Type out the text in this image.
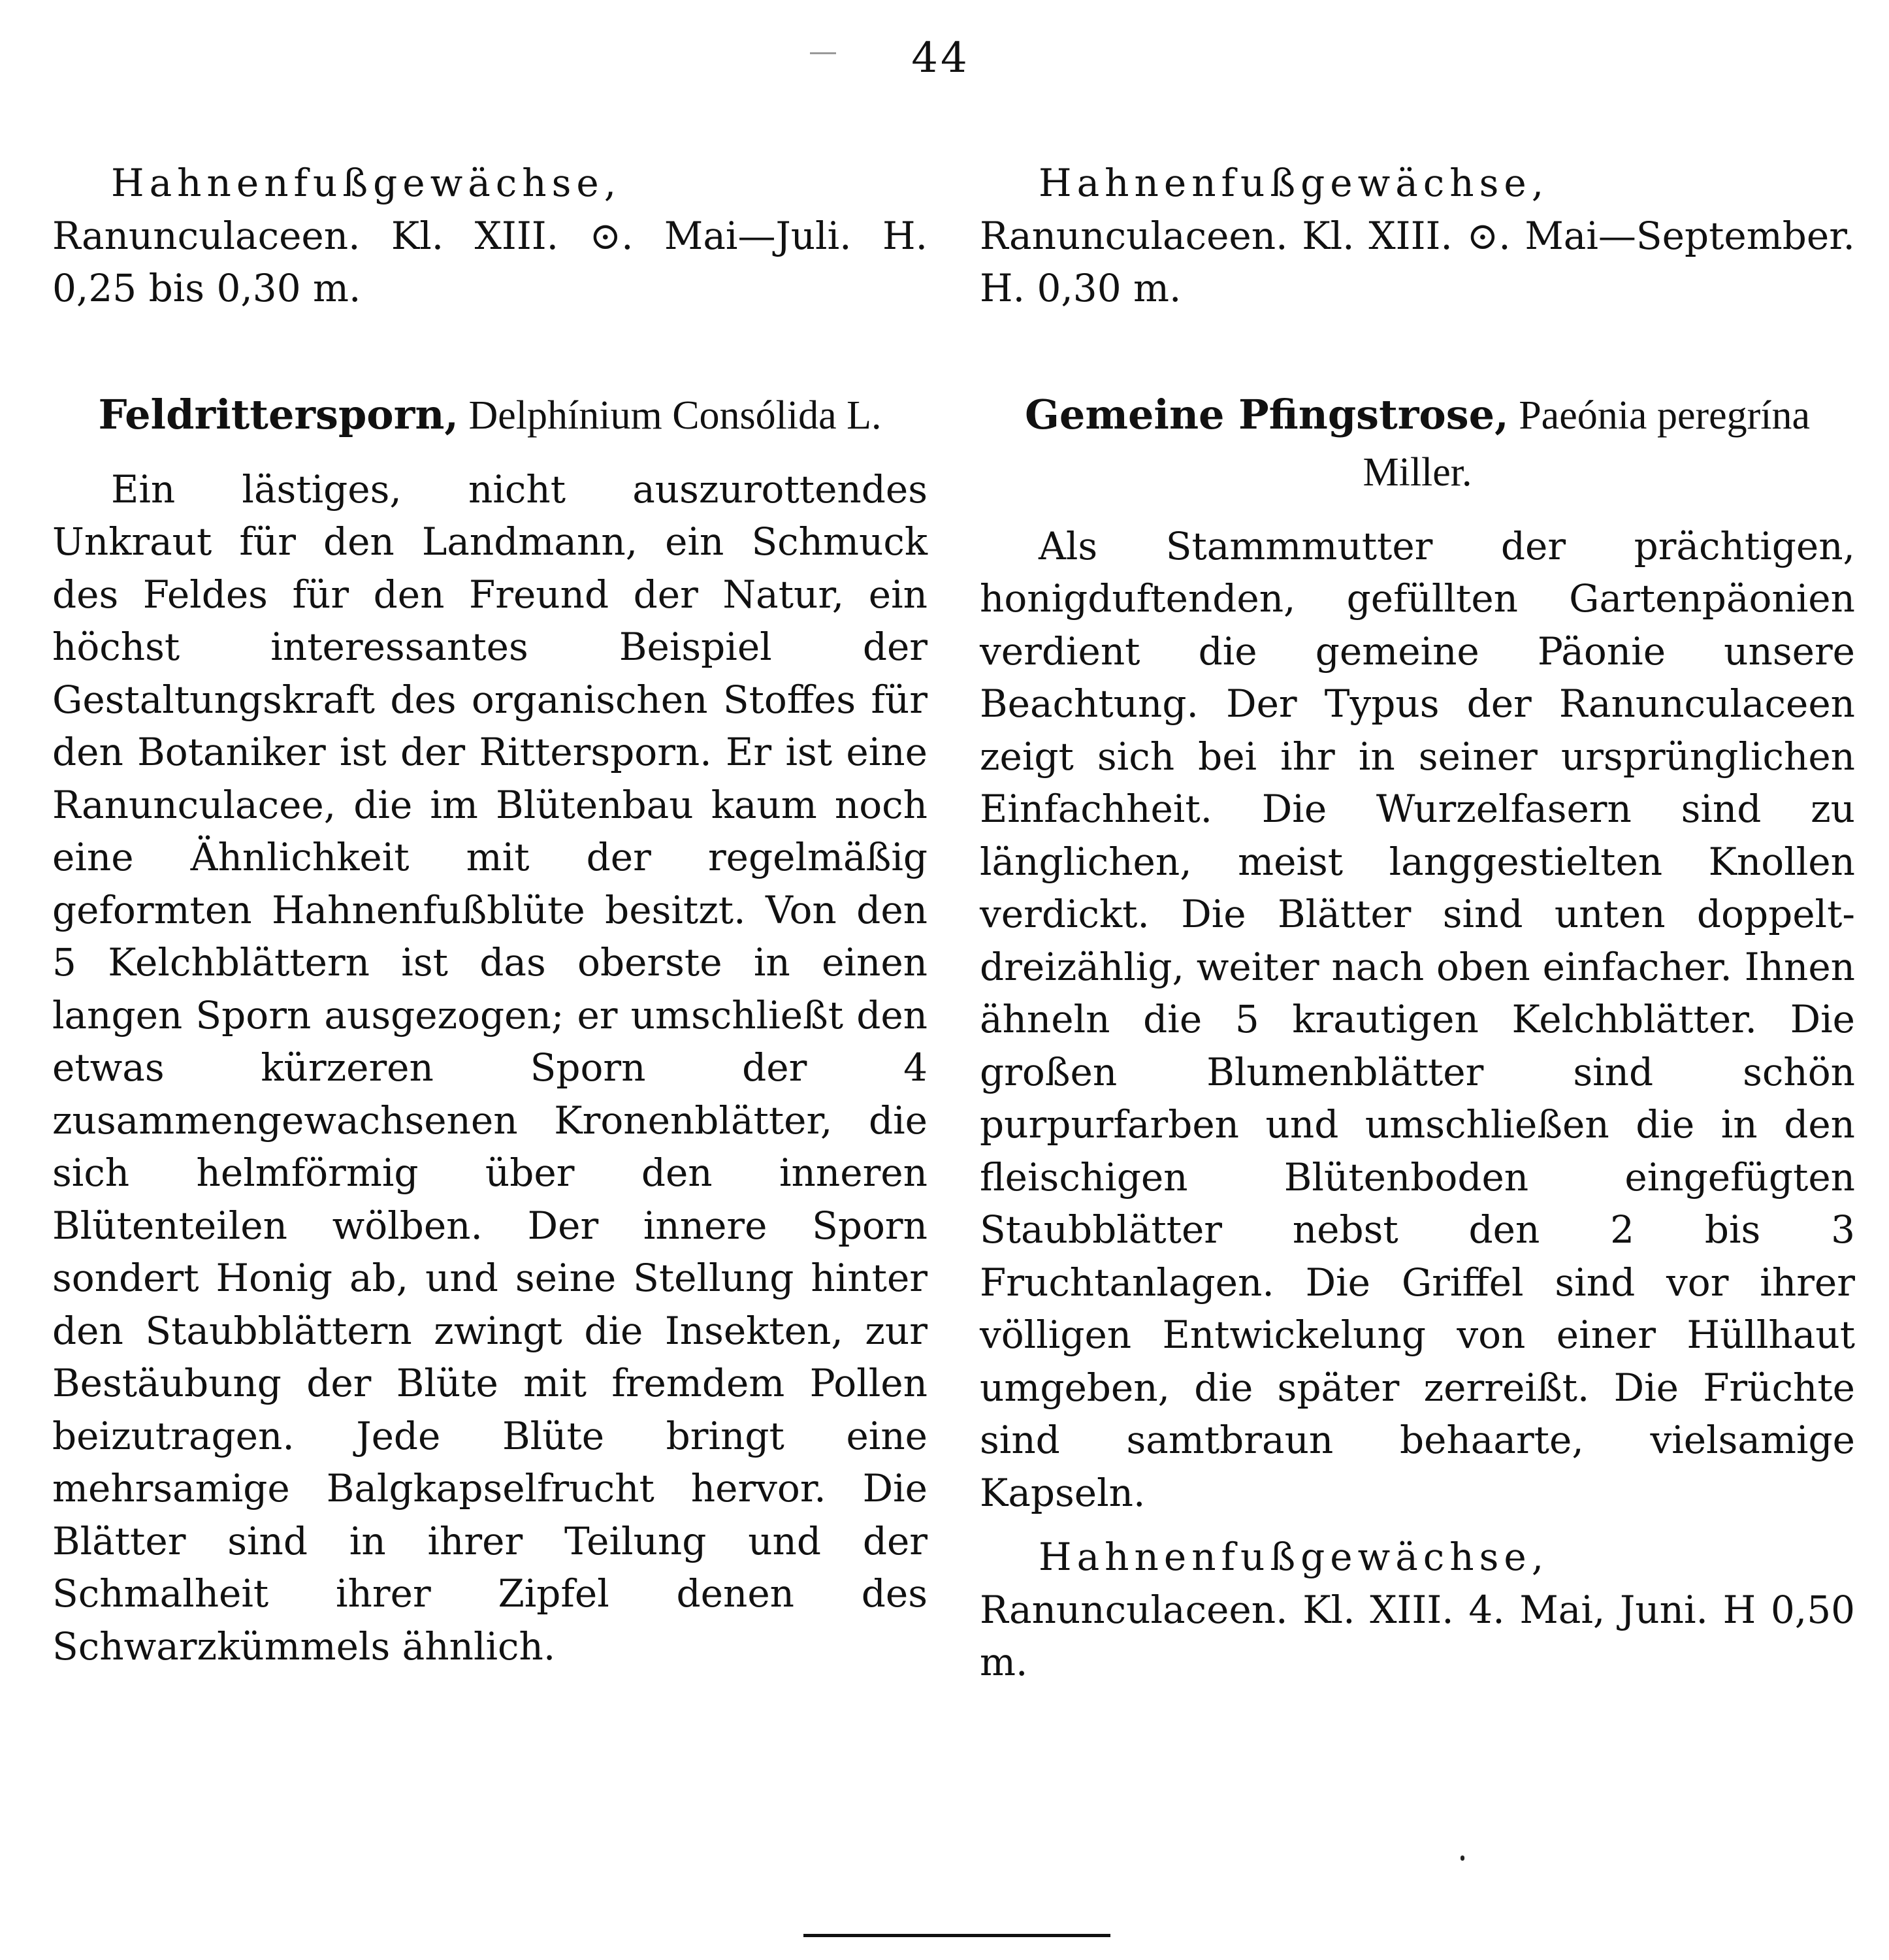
44

Hahnenfußgewächse, Ranunculaceen. Kl. XIII. ⊙. Mai—Juli. H. 0,25 bis 0,30 m.

Feldrittersporn, Delphínium Consólida L.

Ein lästiges, nicht auszurottendes Unkraut für den Landmann, ein Schmuck des Feldes für den Freund der Natur, ein höchst interessantes Beispiel der Gestaltungskraft des organischen Stoffes für den Botaniker ist der Rittersporn. Er ist eine Ranunculacee, die im Blütenbau kaum noch eine Ähnlichkeit mit der regelmäßig geformten Hahnenfußblüte besitzt. Von den 5 Kelchblättern ist das oberste in einen langen Sporn ausgezogen; er umschließt den etwas kürzeren Sporn der 4 zusammengewachsenen Kronenblätter, die sich helmförmig über den inneren Blütenteilen wölben. Der innere Sporn sondert Honig ab, und seine Stellung hinter den Staubblättern zwingt die Insekten, zur Bestäubung der Blüte mit fremdem Pollen beizutragen. Jede Blüte bringt eine mehrsamige Balgkapselfrucht hervor. Die Blätter sind in ihrer Teilung und der Schmalheit ihrer Zipfel denen des Schwarzkümmels ähnlich.

Hahnenfußgewächse, Ranunculaceen. Kl. XIII. ⊙. Mai—September. H. 0,30 m.

Gemeine Pfingstrose, Paeónia peregrína Miller.

Als Stammmutter der prächtigen, honigduftenden, gefüllten Gartenpäonien verdient die gemeine Päonie unsere Beachtung. Der Typus der Ranunculaceen zeigt sich bei ihr in seiner ursprünglichen Einfachheit. Die Wurzelfasern sind zu länglichen, meist langgestielten Knollen verdickt. Die Blätter sind unten doppelt-dreizählig, weiter nach oben einfacher. Ihnen ähneln die 5 krautigen Kelchblätter. Die großen Blumenblätter sind schön purpurfarben und umschließen die in den fleischigen Blütenboden eingefügten Staubblätter nebst den 2 bis 3 Fruchtanlagen. Die Griffel sind vor ihrer völligen Entwickelung von einer Hüllhaut umgeben, die später zerreißt. Die Früchte sind samtbraun behaarte, vielsamige Kapseln.

Hahnenfußgewächse, Ranunculaceen. Kl. XIII. 4. Mai, Juni. H 0,50 m.
